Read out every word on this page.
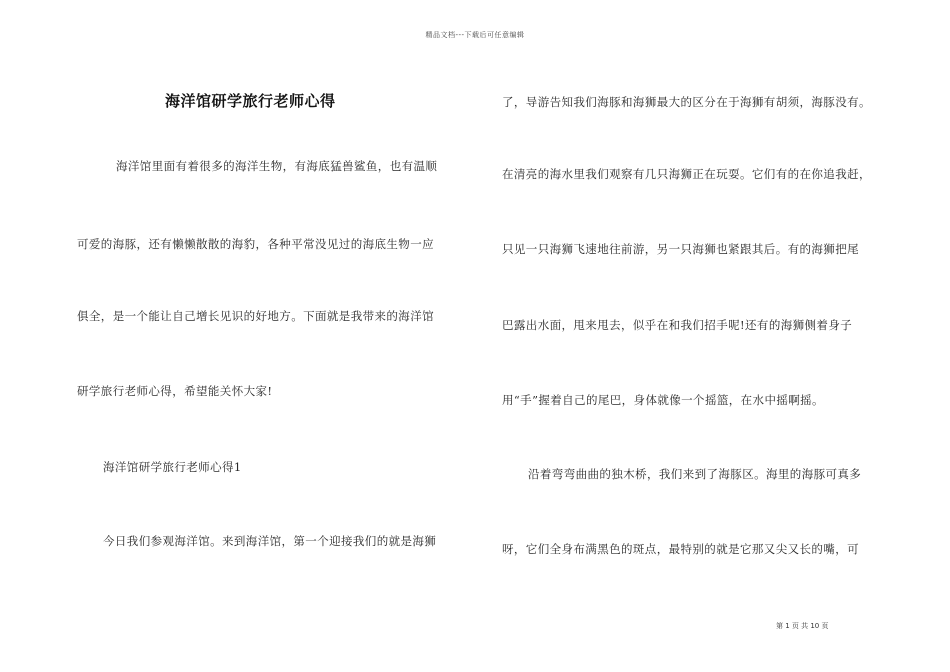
精品文档---下载后可任意编辑
海洋馆研学旅行老师心得
海洋馆里面有着很多的海洋生物，有海底猛兽鲨鱼，也有温顺
可爱的海豚，还有懒懒散散的海豹，各种平常没见过的海底生物一应
俱全，是一个能让自己增长见识的好地方。下面就是我带来的海洋馆
研学旅行老师心得，希望能关怀大家!
海洋馆研学旅行老师心得1
今日我们参观海洋馆。来到海洋馆，第一个迎接我们的就是海狮
了，导游告知我们海豚和海狮最大的区分在于海狮有胡须，海豚没有。
在清亮的海水里我们观察有几只海狮正在玩耍。它们有的在你追我赶，
只见一只海狮飞速地往前游，另一只海狮也紧跟其后。有的海狮把尾
巴露出水面，甩来甩去，似乎在和我们招手呢!还有的海狮侧着身子
用“手”握着自己的尾巴，身体就像一个摇篮，在水中摇啊摇。
沿着弯弯曲曲的独木桥，我们来到了海豚区。海里的海豚可真多
呀，它们全身布满黑色的斑点，最特别的就是它那又尖又长的嘴，可
第 1 页 共 10 页
